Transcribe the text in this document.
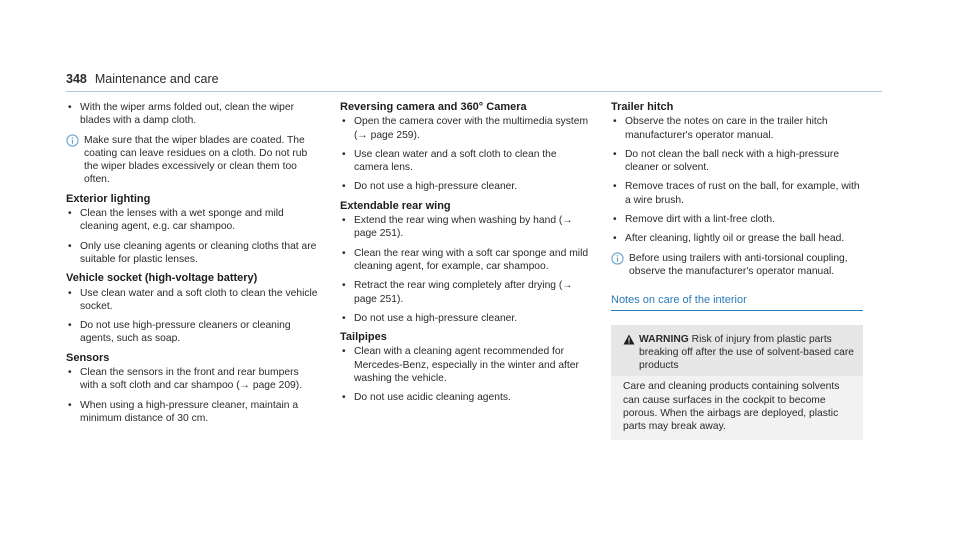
348 Maintenance and care
• With the wiper arms folded out, clean the wiper blades with a damp cloth.
Make sure that the wiper blades are coated. The coating can leave residues on a cloth. Do not rub the wiper blades excessively or clean them too often.
Exterior lighting
• Clean the lenses with a wet sponge and mild cleaning agent, e.g. car shampoo.
• Only use cleaning agents or cleaning cloths that are suitable for plastic lenses.
Vehicle socket (high-voltage battery)
• Use clean water and a soft cloth to clean the vehicle socket.
• Do not use high-pressure cleaners or cleaning agents, such as soap.
Sensors
• Clean the sensors in the front and rear bumpers with a soft cloth and car shampoo (→ page 209).
• When using a high-pressure cleaner, maintain a minimum distance of 30 cm.
Reversing camera and 360° Camera
• Open the camera cover with the multimedia system (→ page 259).
• Use clean water and a soft cloth to clean the camera lens.
• Do not use a high-pressure cleaner.
Extendable rear wing
• Extend the rear wing when washing by hand (→ page 251).
• Clean the rear wing with a soft car sponge and mild cleaning agent, for example, car shampoo.
• Retract the rear wing completely after drying (→ page 251).
• Do not use a high-pressure cleaner.
Tailpipes
• Clean with a cleaning agent recommended for Mercedes-Benz, especially in the winter and after washing the vehicle.
• Do not use acidic cleaning agents.
Trailer hitch
• Observe the notes on care in the trailer hitch manufacturer's operator manual.
• Do not clean the ball neck with a high-pressure cleaner or solvent.
• Remove traces of rust on the ball, for example, with a wire brush.
• Remove dirt with a lint-free cloth.
• After cleaning, lightly oil or grease the ball head.
Before using trailers with anti-torsional coupling, observe the manufacturer's operator manual.
Notes on care of the interior
WARNING Risk of injury from plastic parts breaking off after the use of solvent-based care products
Care and cleaning products containing solvents can cause surfaces in the cockpit to become porous. When the airbags are deployed, plastic parts may break away.
